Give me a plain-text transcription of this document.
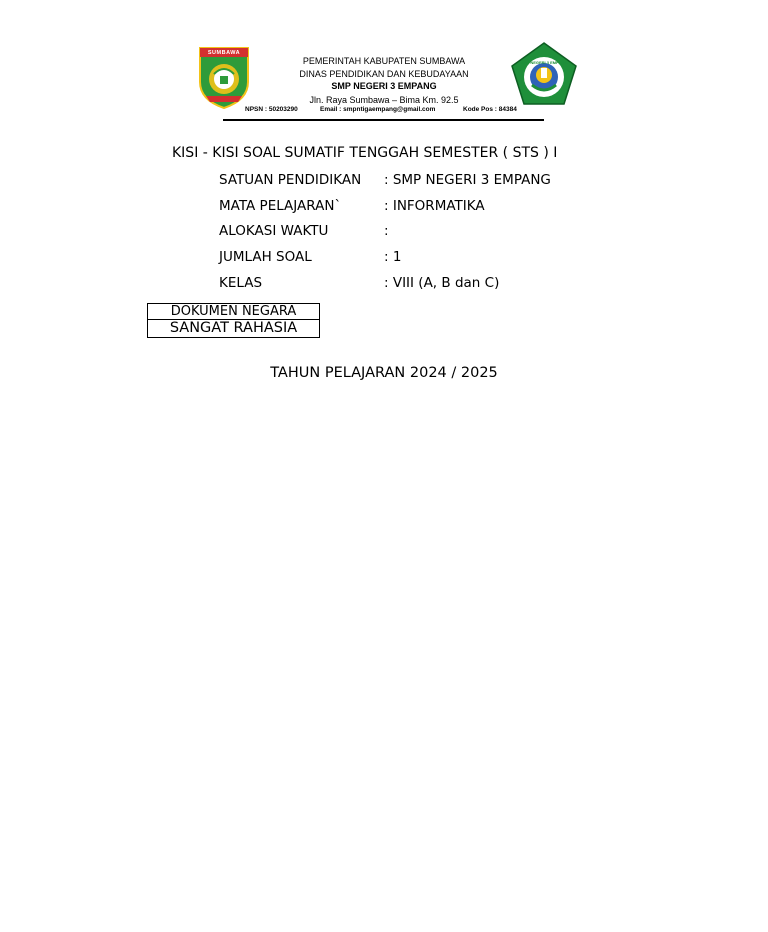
SUMBAWA
PEMERINTAH KABUPATEN SUMBAWA
DINAS PENDIDIKAN DAN KEBUDAYAAN
SMP NEGERI 3 EMPANG
Jln. Raya Sumbawa – Bima Km. 92.5
NPSN : 50203290	Email : smpntigaempang@gmail.com	Kode Pos : 84384
SMP NEGERI 3 EMPANG
KISI - KISI SOAL SUMATIF TENGGAH SEMESTER ( STS ) I
SATUAN PENDIDIKAN : SMP NEGERI 3 EMPANG
MATA PELAJARAN`	: INFORMATIKA
ALOKASI WAKTU	:
JUMLAH SOAL	: 1
KELAS	: VIII (A, B dan C)
DOKUMEN NEGARA
SANGAT RAHASIA
TAHUN PELAJARAN 2024 / 2025
